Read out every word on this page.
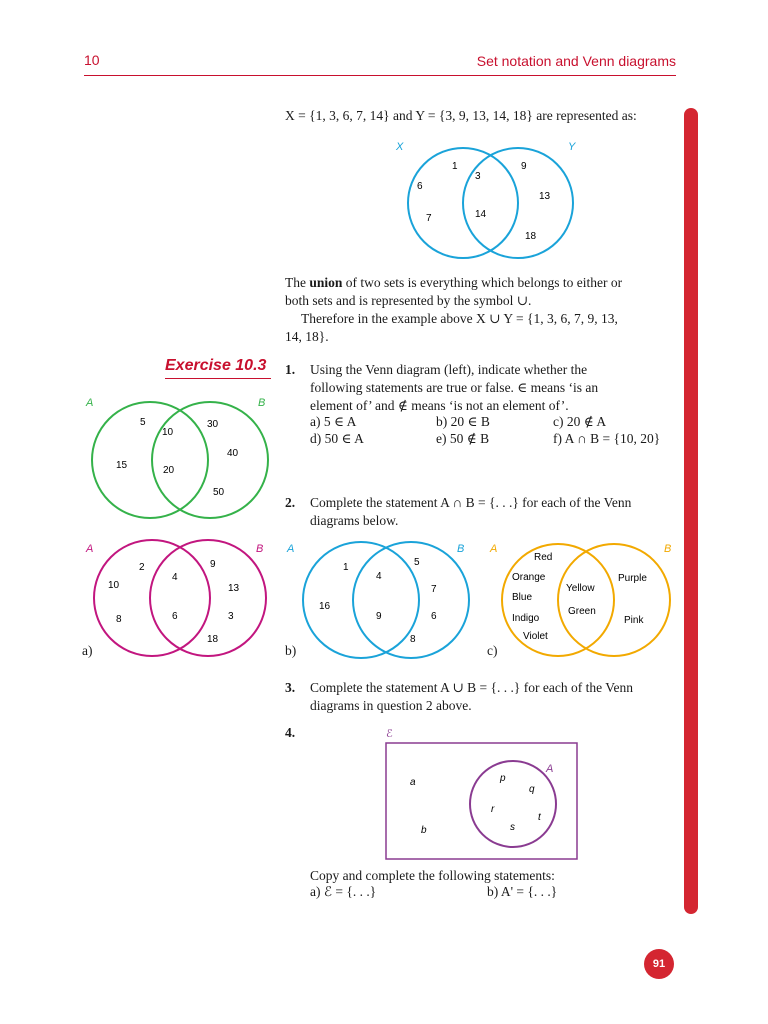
10	Set notation and Venn diagrams
X = {1, 3, 6, 7, 14} and Y = {3, 9, 13, 14, 18} are represented as:
X	Y
1
6
7
3
14
9
13
18
The union of two sets is everything which belongs to either or
both sets and is represented by the symbol ∪.
Therefore in the example above X ∪ Y = {1, 3, 6, 7, 9, 13,
14, 18}.
Exercise 10.3
A	B
5
15
10
20
30
40
50
1. Using the Venn diagram (left), indicate whether the
following statements are true or false. ∈ means ‘is an
element of’ and ∉ means ‘is not an element of’.
a) 5 ∈ A	b) 20 ∈ B	c) 20 ∉ A
d) 50 ∈ A	e) 50 ∉ B	f) A ∩ B = {10, 20}
2. Complete the statement A ∩ B = {. . .} for each of the Venn
diagrams below.
A	B
2
10
8
4
6
9
13
3
18
a)
A	B
1
16
4
9
5
7
6
8
b)
A	B
Red
Orange
Blue
Indigo
Violet
Yellow
Green
Purple
Pink
c)
3. Complete the statement A ∪ B = {. . .} for each of the Venn
diagrams in question 2 above.
4.	ℰ
A
a
b
p
q
r
t
s
Copy and complete the following statements:
a) ℰ = {. . .}	b) A' = {. . .}
91
